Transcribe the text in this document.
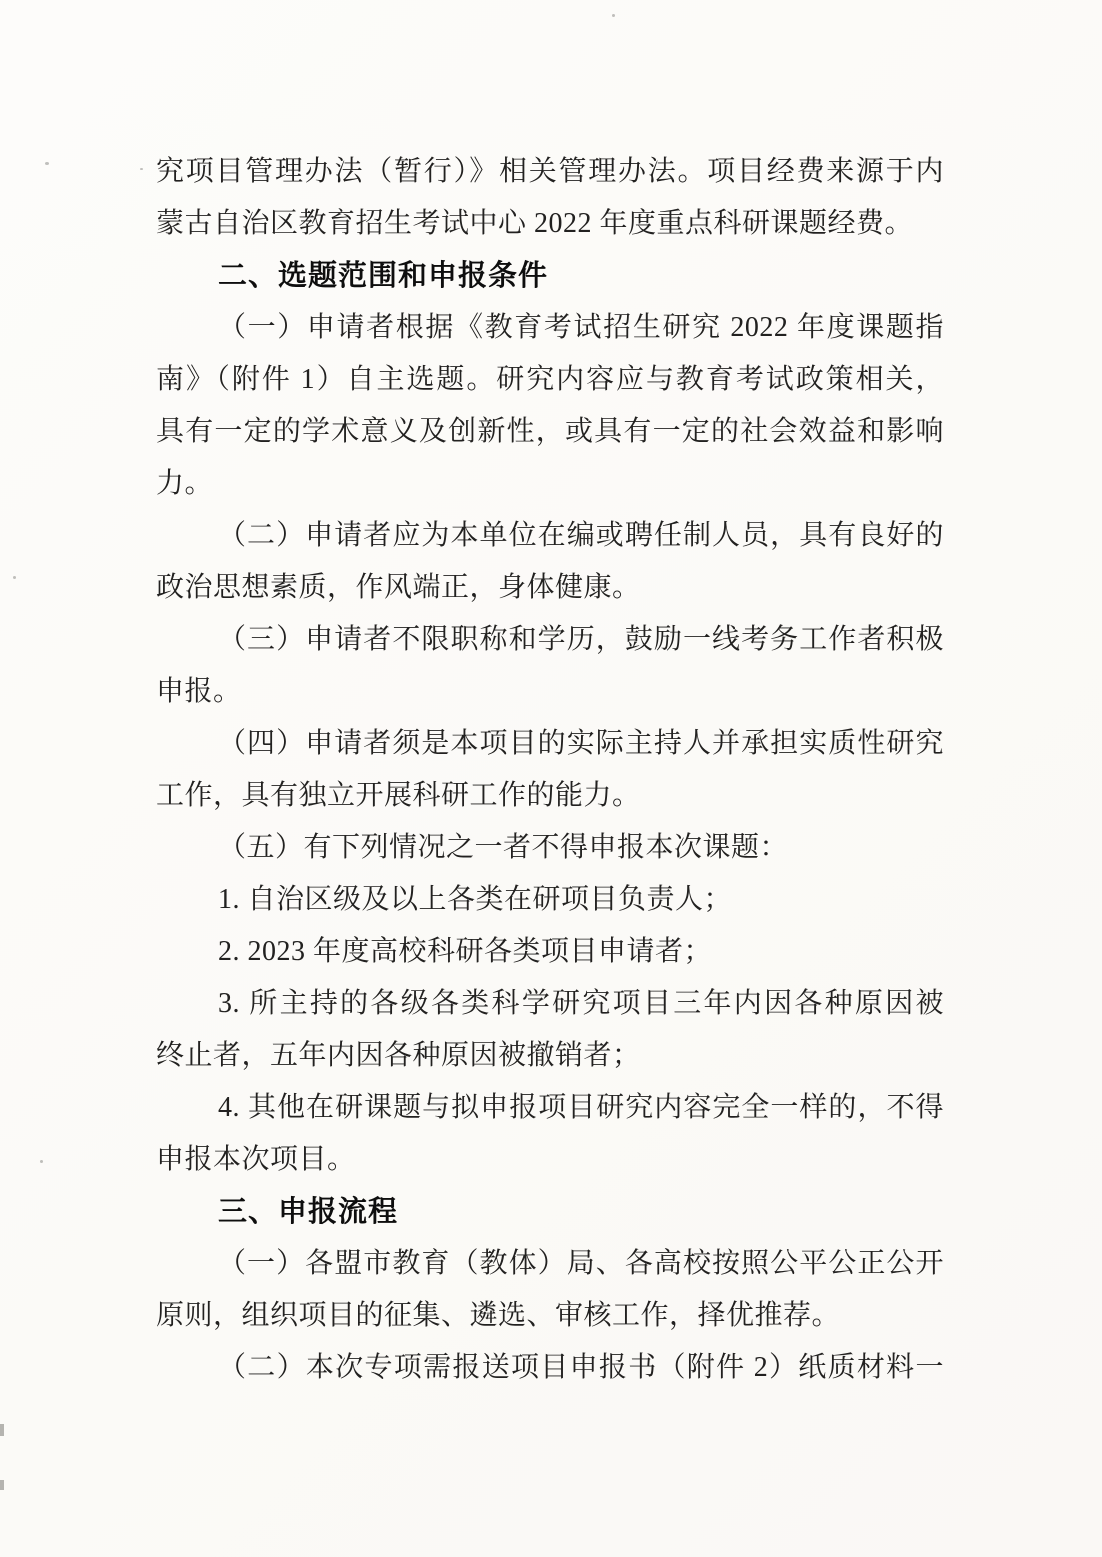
究项目管理办法（暂行）》相关管理办法。项目经费来源于内
蒙古自治区教育招生考试中心 2022 年度重点科研课题经费。
二、选题范围和申报条件
（一）申请者根据《教育考试招生研究 2022 年度课题指
南》（附件 1）自主选题。研究内容应与教育考试政策相关，
具有一定的学术意义及创新性，或具有一定的社会效益和影响
力。
（二）申请者应为本单位在编或聘任制人员，具有良好的
政治思想素质，作风端正，身体健康。
（三）申请者不限职称和学历，鼓励一线考务工作者积极
申报。
（四）申请者须是本项目的实际主持人并承担实质性研究
工作，具有独立开展科研工作的能力。
（五）有下列情况之一者不得申报本次课题：
1. 自治区级及以上各类在研项目负责人；
2. 2023 年度高校科研各类项目申请者；
3. 所主持的各级各类科学研究项目三年内因各种原因被
终止者，五年内因各种原因被撤销者；
4. 其他在研课题与拟申报项目研究内容完全一样的，不得
申报本次项目。
三、申报流程
（一）各盟市教育（教体）局、各高校按照公平公正公开
原则，组织项目的征集、遴选、审核工作，择优推荐。
（二）本次专项需报送项目申报书（附件 2）纸质材料一
